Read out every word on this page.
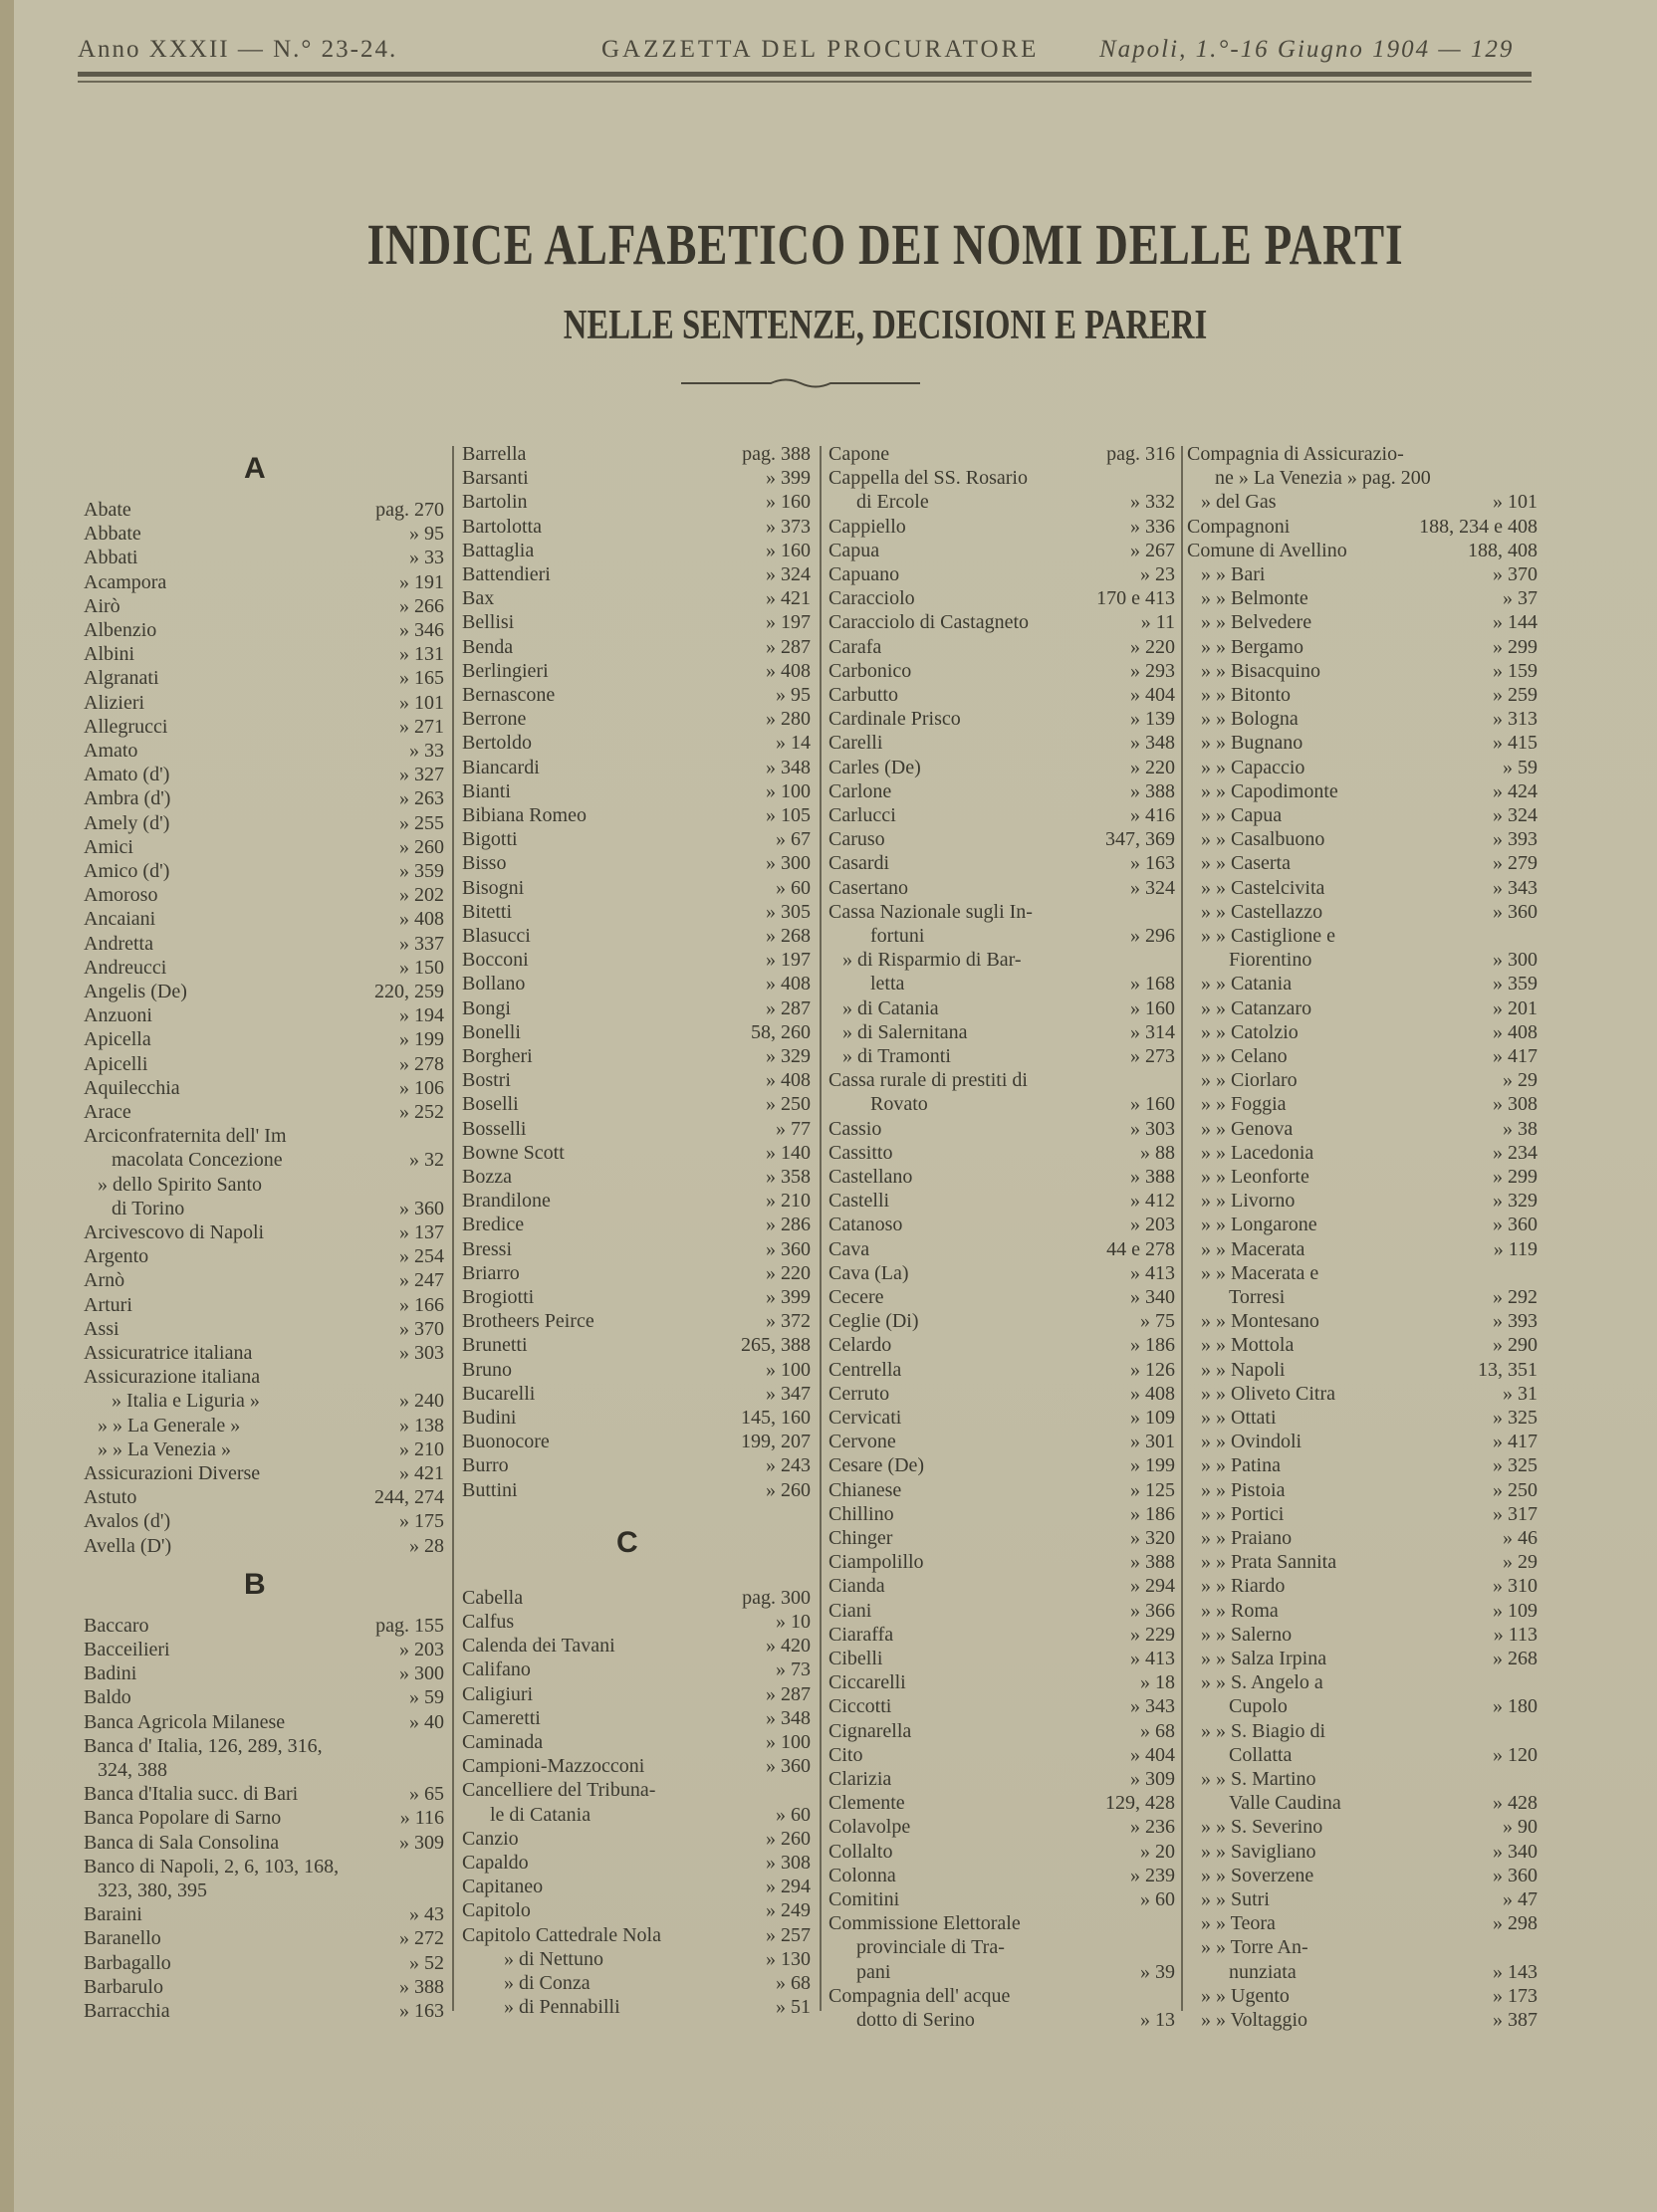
Anno XXXII — N.° 23-24.	GAZZETTA DEL PROCURATORE Napoli, 1.°-16 Giugno 1904 — 129
INDICE ALFABETICO DEI NOMI DELLE PARTI
NELLE SENTENZE, DECISIONI E PARERI
A
Abate	pag. 270
Abbate	» 95
Abbati	» 33
Acampora	» 191
Airò	» 266
Albenzio	» 346
Albini	» 131
Algranati	» 165
Alizieri	» 101
Allegrucci	» 271
Amato	» 33
Amato (d')	» 327
Ambra (d')	» 263
Amely (d')	» 255
Amici	» 260
Amico (d')	» 359
Amoroso	» 202
Ancaiani	» 408
Andretta	» 337
Andreucci	» 150
Angelis (De)	220, 259
Anzuoni	» 194
Apicella	» 199
Apicelli	» 278
Aquilecchia	» 106
Arace	» 252
Arciconfraternita dell' Im
macolata Concezione	» 32
» dello Spirito Santo
di Torino	» 360
Arcivescovo di Napoli	» 137
Argento	» 254
Arnò	» 247
Arturi	» 166
Assi	» 370
Assicuratrice italiana	» 303
Assicurazione italiana
» Italia e Liguria »	» 240
» » La Generale »	» 138
» » La Venezia »	» 210
Assicurazioni Diverse	» 421
Astuto	244, 274
Avalos (d')	» 175
Avella (D')	» 28
B
Baccaro	pag. 155
Bacceilieri	» 203
Badini	» 300
Baldo	» 59
Banca Agricola Milanese	» 40
Banca d' Italia, 126, 289, 316,
324, 388
Banca d'Italia succ. di Bari	» 65
Banca Popolare di Sarno	» 116
Banca di Sala Consolina	» 309
Banco di Napoli, 2, 6, 103, 168,
323, 380, 395
Baraini	» 43
Baranello	» 272
Barbagallo	» 52
Barbarulo	» 388
Barracchia	» 163
Barrella	pag. 388
Barsanti	» 399
Bartolin	» 160
Bartolotta	» 373
Battaglia	» 160
Battendieri	» 324
Bax	» 421
Bellisi	» 197
Benda	» 287
Berlingieri	» 408
Bernascone	» 95
Berrone	» 280
Bertoldo	» 14
Biancardi	» 348
Bianti	» 100
Bibiana Romeo	» 105
Bigotti	» 67
Bisso	» 300
Bisogni	» 60
Bitetti	» 305
Blasucci	» 268
Bocconi	» 197
Bollano	» 408
Bongi	» 287
Bonelli	58, 260
Borgheri	» 329
Bostri	» 408
Boselli	» 250
Bosselli	» 77
Bowne Scott	» 140
Bozza	» 358
Brandilone	» 210
Bredice	» 286
Bressi	» 360
Briarro	» 220
Brogiotti	» 399
Brotheers Peirce	» 372
Brunetti	265, 388
Bruno	» 100
Bucarelli	» 347
Budini	145, 160
Buonocore	199, 207
Burro	» 243
Buttini	» 260
C
Cabella	pag. 300
Calfus	» 10
Calenda dei Tavani	» 420
Califano	» 73
Caligiuri	» 287
Cameretti	» 348
Caminada	» 100
Campioni-Mazzocconi	» 360
Cancelliere del Tribuna-
le di Catania	» 60
Canzio	» 260
Capaldo	» 308
Capitaneo	» 294
Capitolo	» 249
Capitolo Cattedrale Nola	» 257
» di Nettuno	» 130
» di Conza	» 68
» di Pennabilli	» 51
Capone	pag. 316
Cappella del SS. Rosario
di Ercole	» 332
Cappiello	» 336
Capua	» 267
Capuano	» 23
Caracciolo	170 e 413
Caracciolo di Castagneto	» 11
Carafa	» 220
Carbonico	» 293
Carbutto	» 404
Cardinale Prisco	» 139
Carelli	» 348
Carles (De)	» 220
Carlone	» 388
Carlucci	» 416
Caruso	347, 369
Casardi	» 163
Casertano	» 324
Cassa Nazionale sugli In-
fortuni	» 296
» di Risparmio di Bar-
letta	» 168
» di Catania	» 160
» di Salernitana	» 314
» di Tramonti	» 273
Cassa rurale di prestiti di
Rovato	» 160
Cassio	» 303
Cassitto	» 88
Castellano	» 388
Castelli	» 412
Catanoso	» 203
Cava	44 e 278
Cava (La)	» 413
Cecere	» 340
Ceglie (Di)	» 75
Celardo	» 186
Centrella	» 126
Cerruto	» 408
Cervicati	» 109
Cervone	» 301
Cesare (De)	» 199
Chianese	» 125
Chillino	» 186
Chinger	» 320
Ciampolillo	» 388
Cianda	» 294
Ciani	» 366
Ciaraffa	» 229
Cibelli	» 413
Ciccarelli	» 18
Ciccotti	» 343
Cignarella	» 68
Cito	» 404
Clarizia	» 309
Clemente	129, 428
Colavolpe	» 236
Collalto	» 20
Colonna	» 239
Comitini	» 60
Commissione Elettorale
provinciale di Tra-
pani	» 39
Compagnia dell' acque
dotto di Serino	» 13
Compagnia di Assicurazio-
ne » La Venezia » pag. 200
» del Gas	» 101
Compagnoni	188, 234 e 408
Comune di Avellino	188, 408
» » Bari	» 370
» » Belmonte	» 37
» » Belvedere	» 144
» » Bergamo	» 299
» » Bisacquino	» 159
» » Bitonto	» 259
» » Bologna	» 313
» » Bugnano	» 415
» » Capaccio	» 59
» » Capodimonte	» 424
» » Capua	» 324
» » Casalbuono	» 393
» » Caserta	» 279
» » Castelcivita	» 343
» » Castellazzo	» 360
» » Castiglione e
Fiorentino	» 300
» » Catania	» 359
» » Catanzaro	» 201
» » Catolzio	» 408
» » Celano	» 417
» » Ciorlaro	» 29
» » Foggia	» 308
» » Genova	» 38
» » Lacedonia	» 234
» » Leonforte	» 299
» » Livorno	» 329
» » Longarone	» 360
» » Macerata	» 119
» » Macerata e
Torresi	» 292
» » Montesano	» 393
» » Mottola	» 290
» » Napoli	13, 351
» » Oliveto Citra	» 31
» » Ottati	» 325
» » Ovindoli	» 417
» » Patina	» 325
» » Pistoia	» 250
» » Portici	» 317
» » Praiano	» 46
» » Prata Sannita	» 29
» » Riardo	» 310
» » Roma	» 109
» » Salerno	» 113
» » Salza Irpina	» 268
» » S. Angelo a
Cupolo	» 180
» » S. Biagio di
Collatta	» 120
» » S. Martino
Valle Caudina	» 428
» » S. Severino	» 90
» » Savigliano	» 340
» » Soverzene	» 360
» » Sutri	» 47
» » Teora	» 298
» » Torre An-
nunziata	» 143
» » Ugento	» 173
» » Voltaggio	» 387
